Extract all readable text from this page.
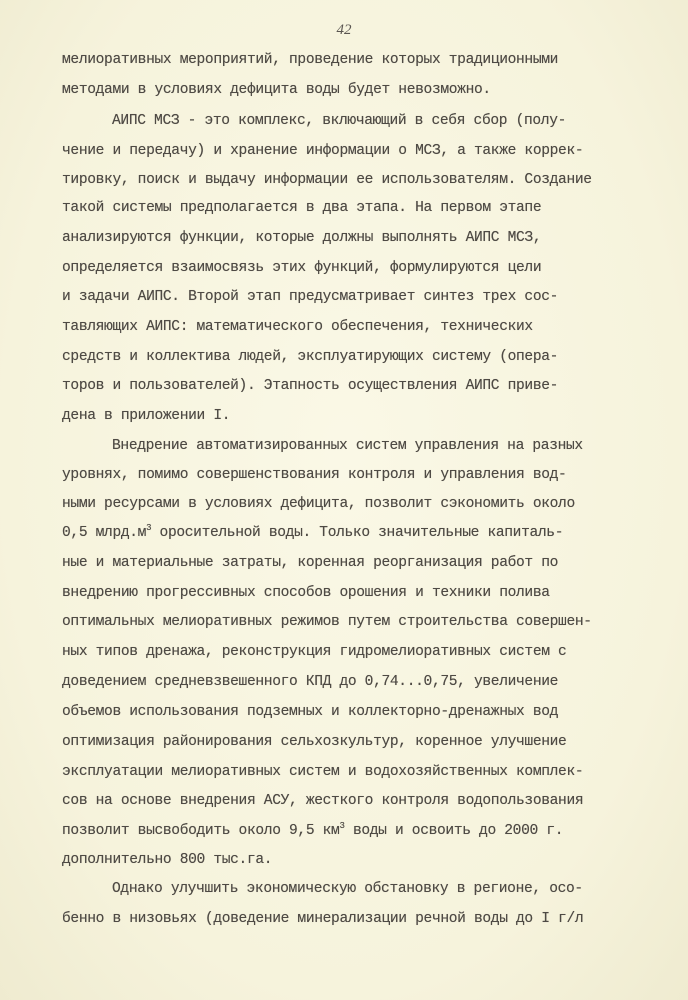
42
мелиоративных мероприятий, проведение которых традиционными
методами в условиях дефицита воды будет невозможно.
АИПС МСЗ - это комплекс, включающий в себя сбор (полу-
чение и передачу) и хранение информации о МСЗ, а также коррек-
тировку, поиск и выдачу информации ее использователям. Создание
такой системы предполагается в два этапа. На первом этапе
анализируются функции, которые должны выполнять АИПС МСЗ,
определяется взаимосвязь этих функций, формулируются цели
и задачи АИПС. Второй этап предусматривает синтез трех сос-
тавляющих АИПС: математического обеспечения, технических
средств и коллектива людей, эксплуатирующих систему (опера-
торов и пользователей). Этапность осуществления АИПС приве-
дена в приложении I.
Внедрение автоматизированных систем управления на разных
уровнях, помимо совершенствования контроля и управления вод-
ными ресурсами в условиях дефицита, позволит сэкономить около
0,5 $млрд.м^3$ оросительной воды. Только значительные капиталь-
ные и материальные затраты, коренная реорганизация работ по
внедрению прогрессивных способов орошения и техники полива
оптимальных мелиоративных режимов путем строительства совершен-
ных типов дренажа, реконструкция гидромелиоративных систем с
доведением средневзвешенного КПД до 0,74...0,75, увеличение
объемов использования подземных и коллекторно-дренажных вод
оптимизация районирования сельхозкультур, коренное улучшение
эксплуатации мелиоративных систем и водохозяйственных комплек-
сов на основе внедрения АСУ, жесткого контроля водопользования
позволит высвободить около 9,5 $км^3$ воды и освоить до 2000 г.
дополнительно 800 тыс.га.
Однако улучшить экономическую обстановку в регионе, осо-
бенно в низовьях (доведение минерализации речной воды до I г/л
